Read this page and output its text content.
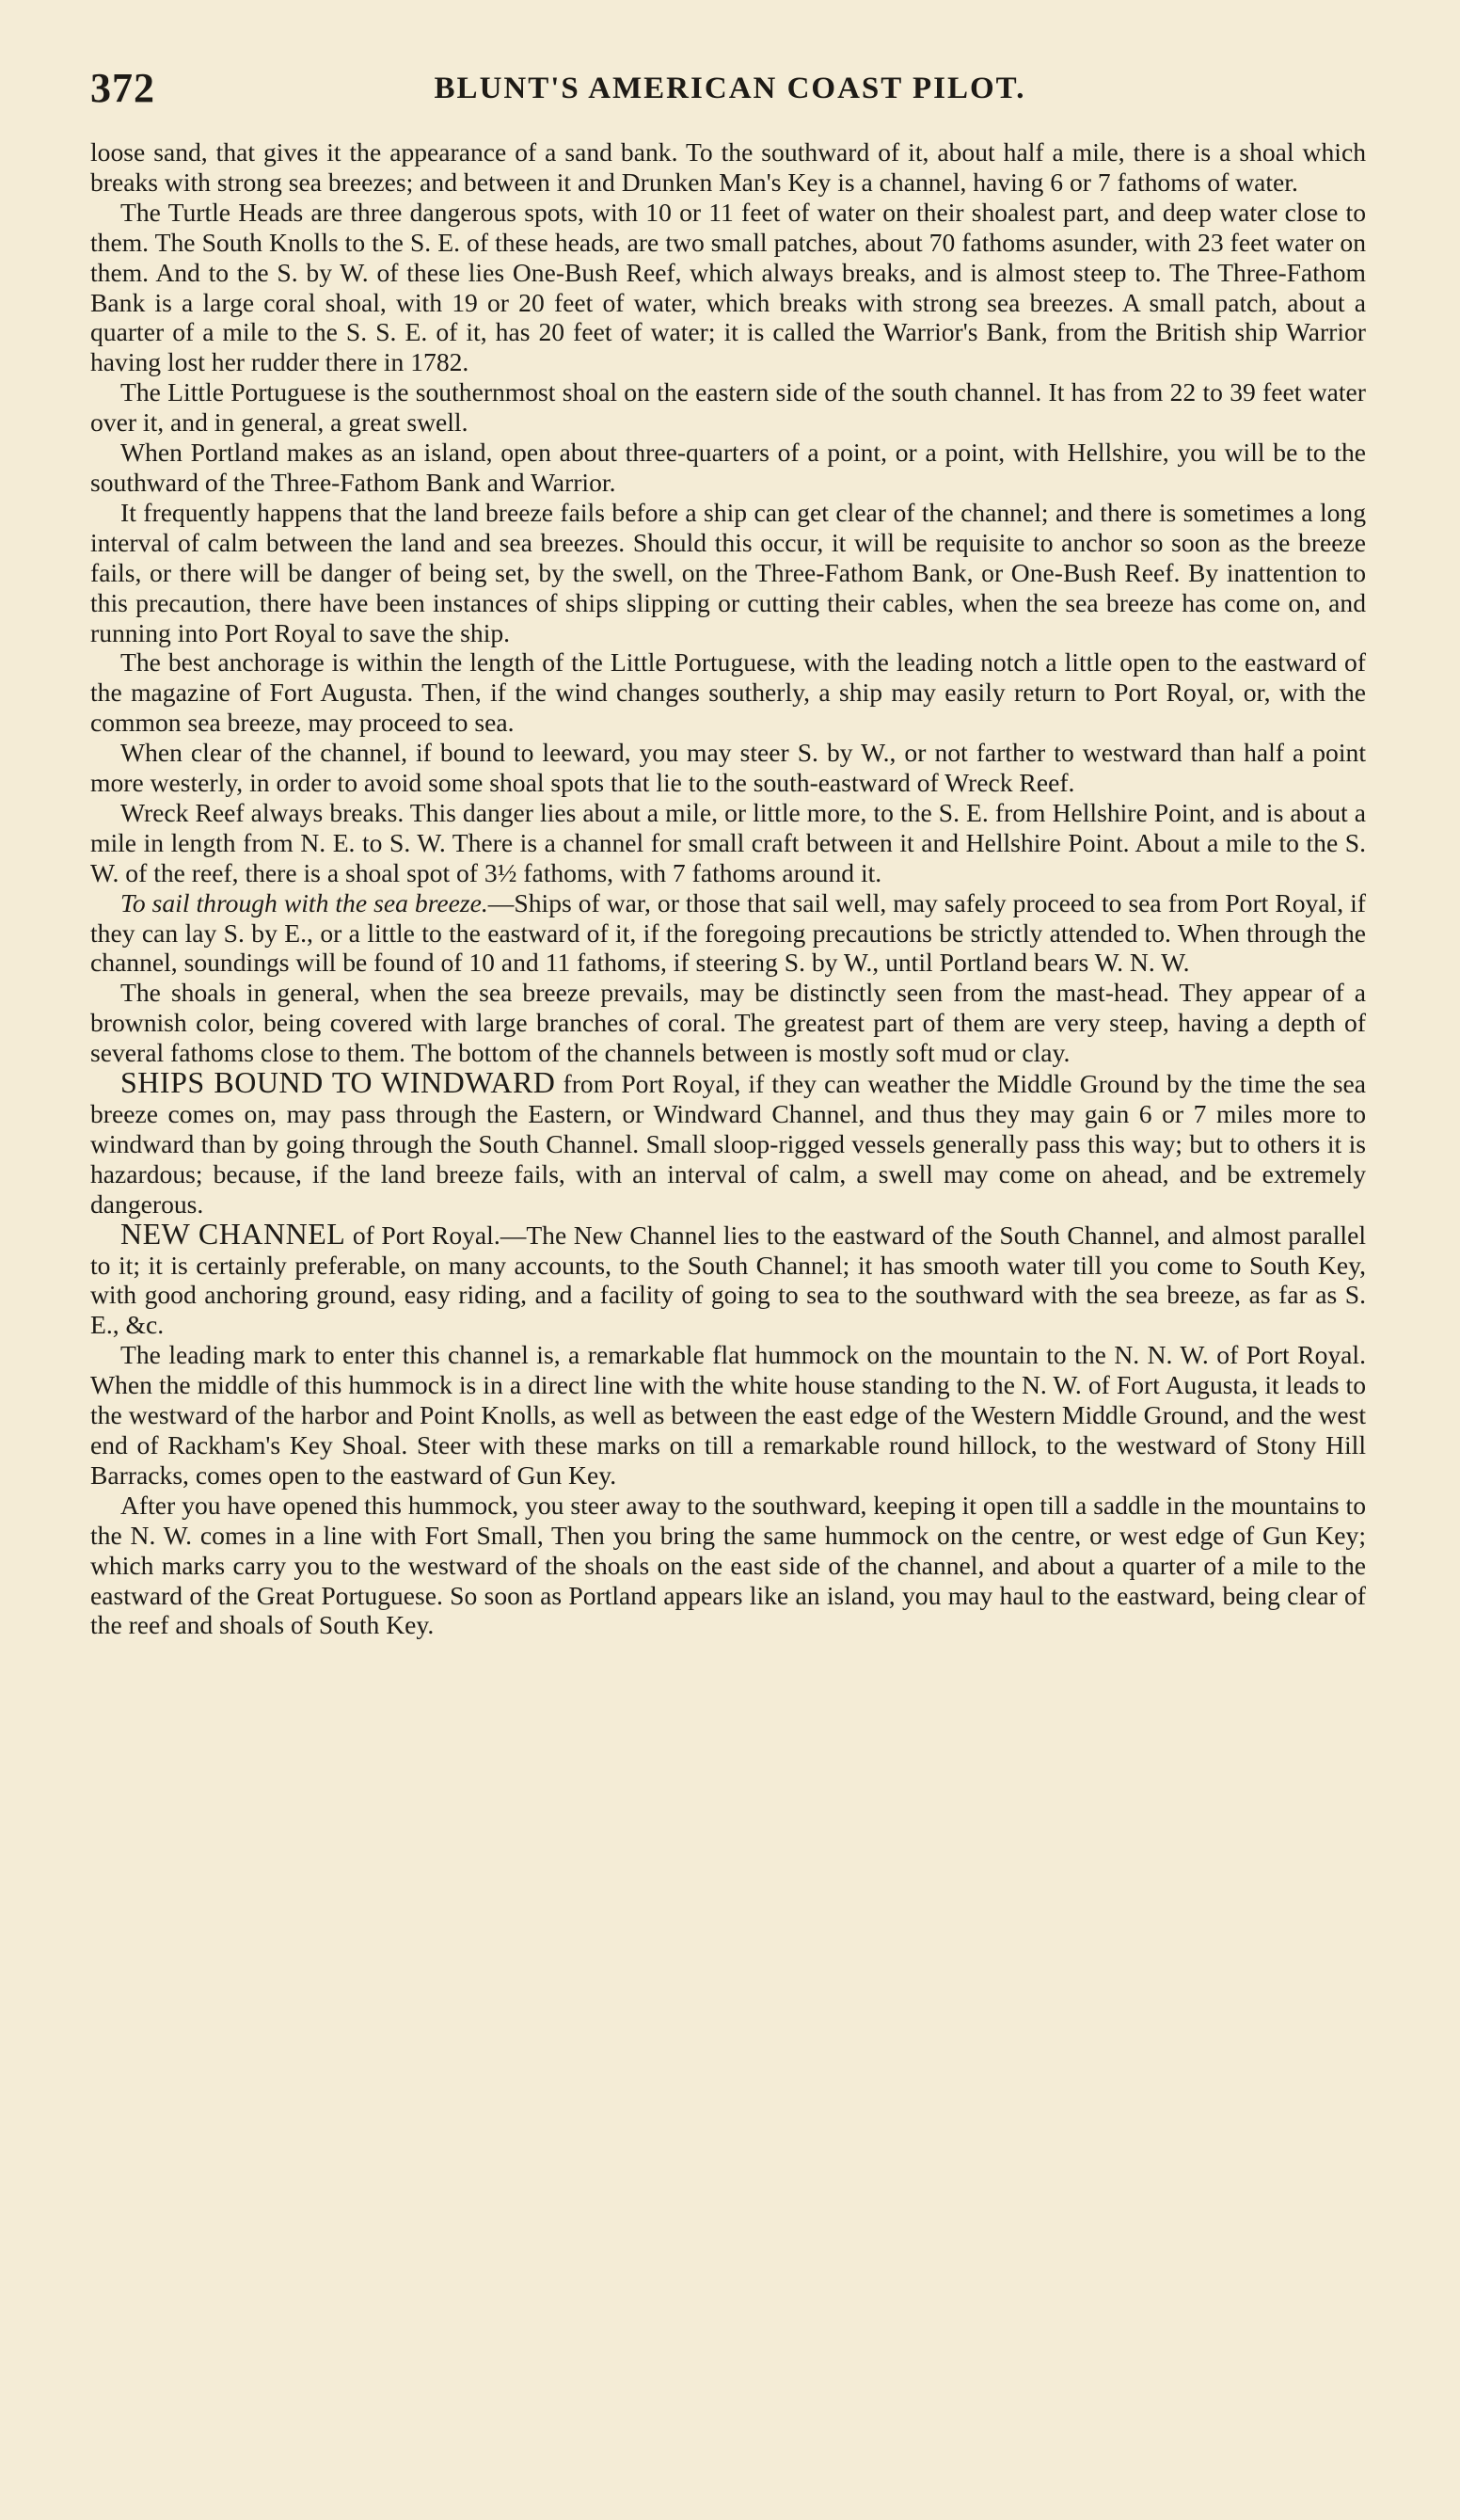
372	BLUNT'S AMERICAN COAST PILOT.

loose sand, that gives it the appearance of a sand bank. To the southward of it, about half a mile, there is a shoal which breaks with strong sea breezes; and between it and Drunken Man's Key is a channel, having 6 or 7 fathoms of water.

The Turtle Heads are three dangerous spots, with 10 or 11 feet of water on their shoalest part, and deep water close to them. The South Knolls to the S. E. of these heads, are two small patches, about 70 fathoms asunder, with 23 feet water on them. And to the S. by W. of these lies One-Bush Reef, which always breaks, and is almost steep to. The Three-Fathom Bank is a large coral shoal, with 19 or 20 feet of water, which breaks with strong sea breezes. A small patch, about a quarter of a mile to the S. S. E. of it, has 20 feet of water; it is called the Warrior's Bank, from the British ship Warrior having lost her rudder there in 1782.

The Little Portuguese is the southernmost shoal on the eastern side of the south channel. It has from 22 to 39 feet water over it, and in general, a great swell.

When Portland makes as an island, open about three-quarters of a point, or a point, with Hellshire, you will be to the southward of the Three-Fathom Bank and Warrior.

It frequently happens that the land breeze fails before a ship can get clear of the channel; and there is sometimes a long interval of calm between the land and sea breezes. Should this occur, it will be requisite to anchor so soon as the breeze fails, or there will be danger of being set, by the swell, on the Three-Fathom Bank, or One-Bush Reef. By inattention to this precaution, there have been instances of ships slipping or cutting their cables, when the sea breeze has come on, and running into Port Royal to save the ship.

The best anchorage is within the length of the Little Portuguese, with the leading notch a little open to the eastward of the magazine of Fort Augusta. Then, if the wind changes southerly, a ship may easily return to Port Royal, or, with the common sea breeze, may proceed to sea.

When clear of the channel, if bound to leeward, you may steer S. by W., or not farther to westward than half a point more westerly, in order to avoid some shoal spots that lie to the south-eastward of Wreck Reef.

Wreck Reef always breaks. This danger lies about a mile, or little more, to the S. E. from Hellshire Point, and is about a mile in length from N. E. to S. W. There is a channel for small craft between it and Hellshire Point. About a mile to the S. W. of the reef, there is a shoal spot of 3½ fathoms, with 7 fathoms around it.

To sail through with the sea breeze.—Ships of war, or those that sail well, may safely proceed to sea from Port Royal, if they can lay S. by E., or a little to the eastward of it, if the foregoing precautions be strictly attended to. When through the channel, soundings will be found of 10 and 11 fathoms, if steering S. by W., until Portland bears W. N. W.

The shoals in general, when the sea breeze prevails, may be distinctly seen from the mast-head. They appear of a brownish color, being covered with large branches of coral. The greatest part of them are very steep, having a depth of several fathoms close to them. The bottom of the channels between is mostly soft mud or clay.

SHIPS BOUND TO WINDWARD from Port Royal, if they can weather the Middle Ground by the time the sea breeze comes on, may pass through the Eastern, or Windward Channel, and thus they may gain 6 or 7 miles more to windward than by going through the South Channel. Small sloop-rigged vessels generally pass this way; but to others it is hazardous; because, if the land breeze fails, with an interval of calm, a swell may come on ahead, and be extremely dangerous.

NEW CHANNEL of Port Royal.—The New Channel lies to the eastward of the South Channel, and almost parallel to it; it is certainly preferable, on many accounts, to the South Channel; it has smooth water till you come to South Key, with good anchoring ground, easy riding, and a facility of going to sea to the southward with the sea breeze, as far as S. E., &c.

The leading mark to enter this channel is, a remarkable flat hummock on the mountain to the N. N. W. of Port Royal. When the middle of this hummock is in a direct line with the white house standing to the N. W. of Fort Augusta, it leads to the westward of the harbor and Point Knolls, as well as between the east edge of the Western Middle Ground, and the west end of Rackham's Key Shoal. Steer with these marks on till a remarkable round hillock, to the westward of Stony Hill Barracks, comes open to the eastward of Gun Key.

After you have opened this hummock, you steer away to the southward, keeping it open till a saddle in the mountains to the N. W. comes in a line with Fort Small, Then you bring the same hummock on the centre, or west edge of Gun Key; which marks carry you to the westward of the shoals on the east side of the channel, and about a quarter of a mile to the eastward of the Great Portuguese. So soon as Portland appears like an island, you may haul to the eastward, being clear of the reef and shoals of South Key.
